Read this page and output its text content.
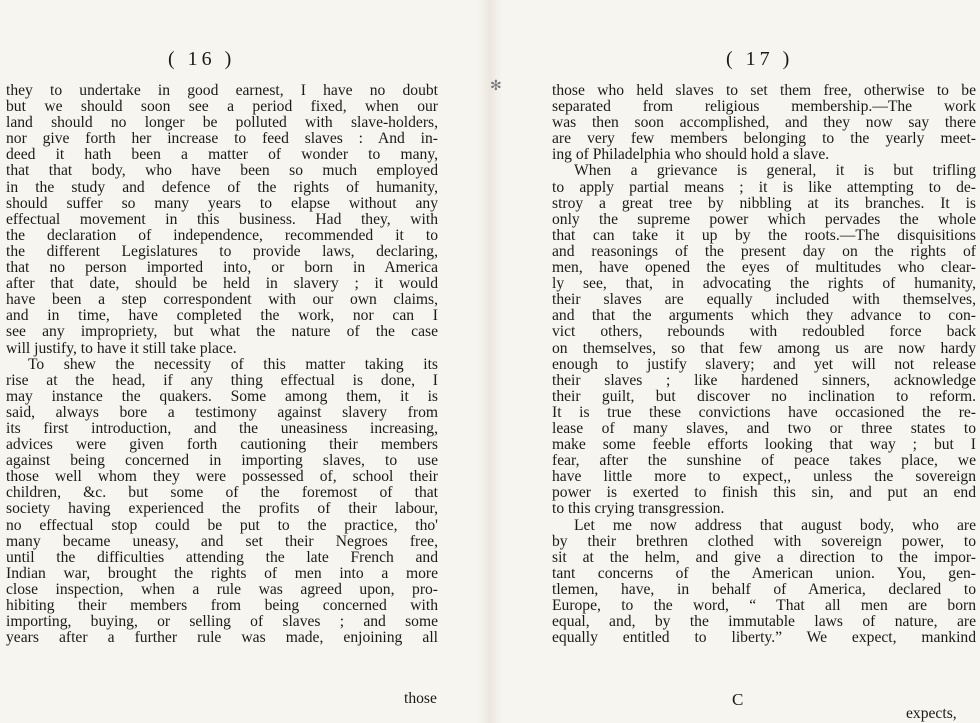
✻
( 16 )
they to undertake in good earnest, I have no doubt
but we should soon see a period fixed, when our
land should no longer be polluted with slave-holders,
nor give forth her increase to feed slaves : And in-
deed it hath been a matter of wonder to many,
that that body, who have been so much employed
in the study and defence of the rights of humanity,
should suffer so many years to elapse without any
effectual movement in this business. Had they, with
the declaration of independence, recommended it to
the different Legislatures to provide laws, declaring,
that no person imported into, or born in America
after that date, should be held in slavery ; it would
have been a step correspondent with our own claims,
and in time, have completed the work, nor can I
see any impropriety, but what the nature of the case
will justify, to have it still take place.
To shew the necessity of this matter taking its
rise at the head, if any thing effectual is done, I
may instance the quakers. Some among them, it is
said, always bore a testimony against slavery from
its first introduction, and the uneasiness increasing,
advices were given forth cautioning their members
against being concerned in importing slaves, to use
those well whom they were possessed of, school their
children, &c. but some of the foremost of that
society having experienced the profits of their labour,
no effectual stop could be put to the practice, tho'
many became uneasy, and set their Negroes free,
until the difficulties attending the late French and
Indian war, brought the rights of men into a more
close inspection, when a rule was agreed upon, pro-
hibiting their members from being concerned with
importing, buying, or selling of slaves ; and some
years after a further rule was made, enjoining all
those
( 17 )
those who held slaves to set them free, otherwise to be
separated from religious membership.—The work
was then soon accomplished, and they now say there
are very few members belonging to the yearly meet-
ing of Philadelphia who should hold a slave.
When a grievance is general, it is but trifling
to apply partial means ; it is like attempting to de-
stroy a great tree by nibbling at its branches. It is
only the supreme power which pervades the whole
that can take it up by the roots.—The disquisitions
and reasonings of the present day on the rights of
men, have opened the eyes of multitudes who clear-
ly see, that, in advocating the rights of humanity,
their slaves are equally included with themselves,
and that the arguments which they advance to con-
vict others, rebounds with redoubled force back
on themselves, so that few among us are now hardy
enough to justify slavery; and yet will not release
their slaves ; like hardened sinners, acknowledge
their guilt, but discover no inclination to reform.
It is true these convictions have occasioned the re-
lease of many slaves, and two or three states to
make some feeble efforts looking that way ; but I
fear, after the sunshine of peace takes place, we
have little more to expect,, unless the sovereign
power is exerted to finish this sin, and put an end
to this crying transgression.
Let me now address that august body, who are
by their brethren clothed with sovereign power, to
sit at the helm, and give a direction to the impor-
tant concerns of the American union. You, gen-
tlemen, have, in behalf of America, declared to
Europe, to the word, “ That all men are born
equal, and, by the immutable laws of nature, are
equally entitled to liberty.” We expect, mankind
C
expects,
